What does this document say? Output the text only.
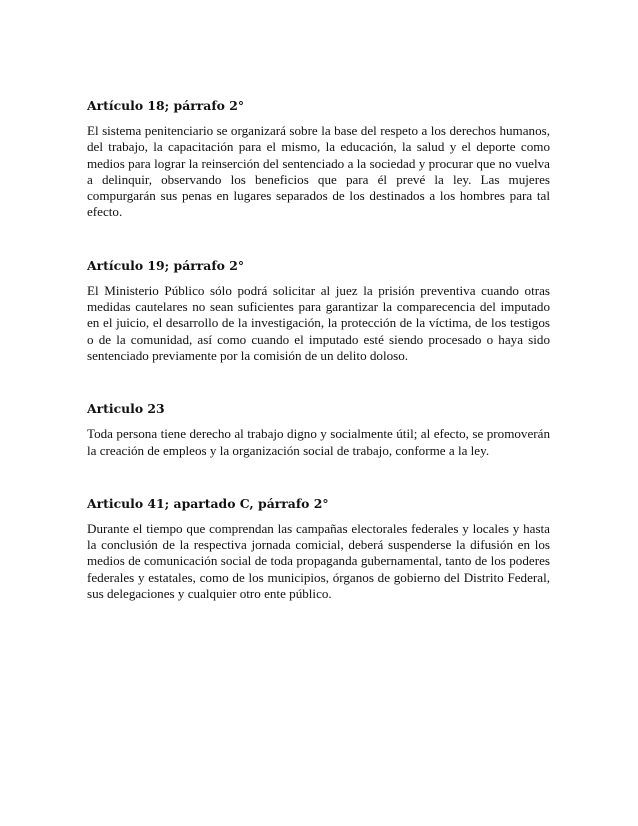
Artículo 18; párrafo 2°

El sistema penitenciario se organizará sobre la base del respeto a los derechos humanos, del trabajo, la capacitación para el mismo, la educación, la salud y el deporte como medios para lograr la reinserción del sentenciado a la sociedad y procurar que no vuelva a delinquir, observando los beneficios que para él prevé la ley. Las mujeres compurgarán sus penas en lugares separados de los destinados a los hombres para tal efecto.

Artículo 19; párrafo 2°

El Ministerio Público sólo podrá solicitar al juez la prisión preventiva cuando otras medidas cautelares no sean suficientes para garantizar la comparecencia del imputado en el juicio, el desarrollo de la investigación, la protección de la víctima, de los testigos o de la comunidad, así como cuando el imputado esté siendo procesado o haya sido sentenciado previamente por la comisión de un delito doloso.

Articulo 23

Toda persona tiene derecho al trabajo digno y socialmente útil; al efecto, se promoverán la creación de empleos y la organización social de trabajo, conforme a la ley.

Articulo 41; apartado C, párrafo 2°

Durante el tiempo que comprendan las campañas electorales federales y locales y hasta la conclusión de la respectiva jornada comicial, deberá suspenderse la difusión en los medios de comunicación social de toda propaganda gubernamental, tanto de los poderes federales y estatales, como de los municipios, órganos de gobierno del Distrito Federal, sus delegaciones y cualquier otro ente público.
